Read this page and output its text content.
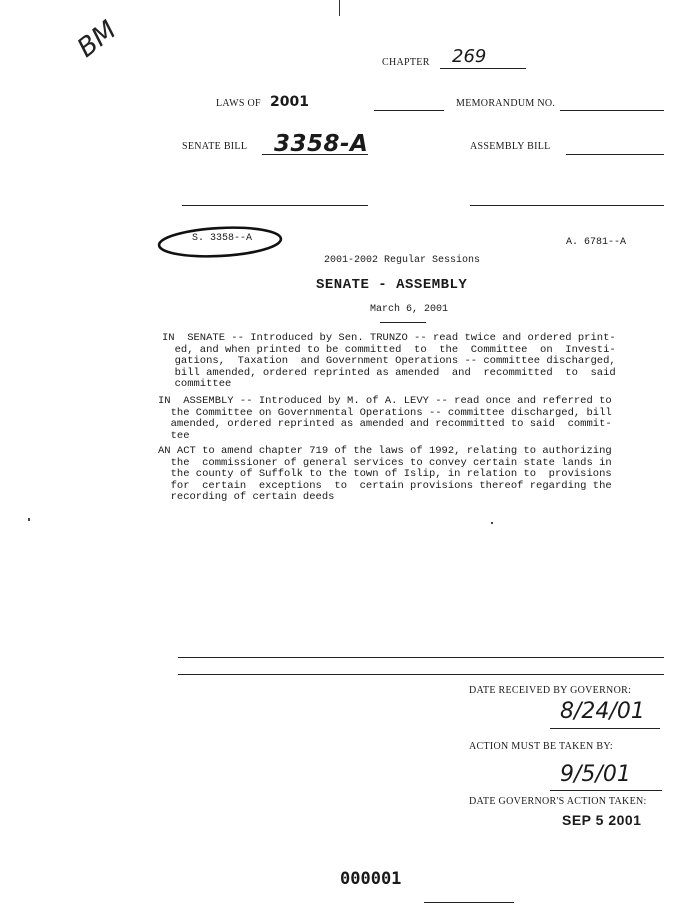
BM	CHAPTER 269
LAWS OF 2001	MEMORANDUM NO.
SENATE BILL 3358-A	ASSEMBLY BILL
S. 3358--A	A. 6781--A
2001-2002 Regular Sessions
SENATE - ASSEMBLY
March 6, 2001
IN  SENATE -- Introduced by Sen. TRUNZO -- read twice and ordered print-
ed, and when printed to be committed  to  the  Committee  on  Investi-
gations,  Taxation  and Government Operations -- committee discharged,
bill amended, ordered reprinted as amended  and  recommitted  to  said
committee
IN  ASSEMBLY -- Introduced by M. of A. LEVY -- read once and referred to
the Committee on Governmental Operations -- committee discharged, bill
amended, ordered reprinted as amended and recommitted to said  commit-
tee
AN ACT to amend chapter 719 of the laws of 1992, relating to authorizing
the  commissioner of general services to convey certain state lands in
the county of Suffolk to the town of Islip, in relation to  provisions
for  certain  exceptions  to  certain provisions thereof regarding the
recording of certain deeds
DATE RECEIVED BY GOVERNOR:
8/24/01
ACTION MUST BE TAKEN BY:
9/5/01
DATE GOVERNOR'S ACTION TAKEN:
SEP 5 2001
000001
